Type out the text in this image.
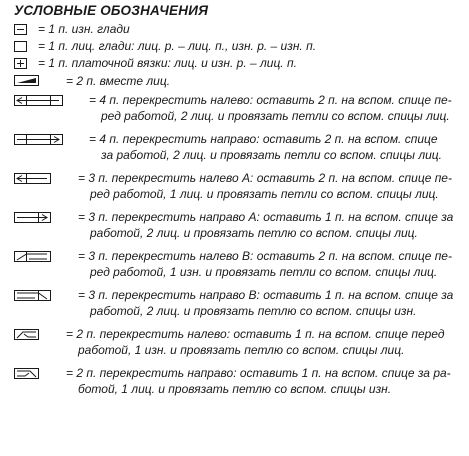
УСЛОВНЫЕ ОБОЗНАЧЕНИЯ
= 1 п. изн. глади
= 1 п. лиц. глади: лиц. р. – лиц. п., изн. р. – изн. п.
= 1 п. платочной вязки: лиц. и изн. р. – лиц. п.
= 2 п. вместе лиц.
= 4 п. перекрестить налево: оставить 2 п. на вспом. спице пе-
ред работой, 2 лиц. и провязать петли со вспом. спицы лиц.
= 4 п. перекрестить направо: оставить 2 п. на вспом. спице
за работой, 2 лиц. и провязать петли со вспом. спицы лиц.
= 3 п. перекрестить налево А: оставить 2 п. на вспом. спице пе-
ред работой, 1 лиц. и провязать петли со вспом. спицы лиц.
= 3 п. перекрестить направо А: оставить 1 п. на вспом. спице за
работой, 2 лиц. и провязать петлю со вспом. спицы лиц.
= 3 п. перекрестить налево В: оставить 2 п. на вспом. спице пе-
ред работой, 1 изн. и провязать петли со вспом. спицы лиц.
= 3 п. перекрестить направо В: оставить 1 п. на вспом. спице за
работой, 2 лиц. и провязать петлю со вспом. спицы изн.
= 2 п. перекрестить налево: оставить 1 п. на вспом. спице перед
работой, 1 изн. и провязать петлю со вспом. спицы лиц.
= 2 п. перекрестить направо: оставить 1 п. на вспом. спице за ра-
ботой, 1 лиц. и провязать петлю со вспом. спицы изн.
